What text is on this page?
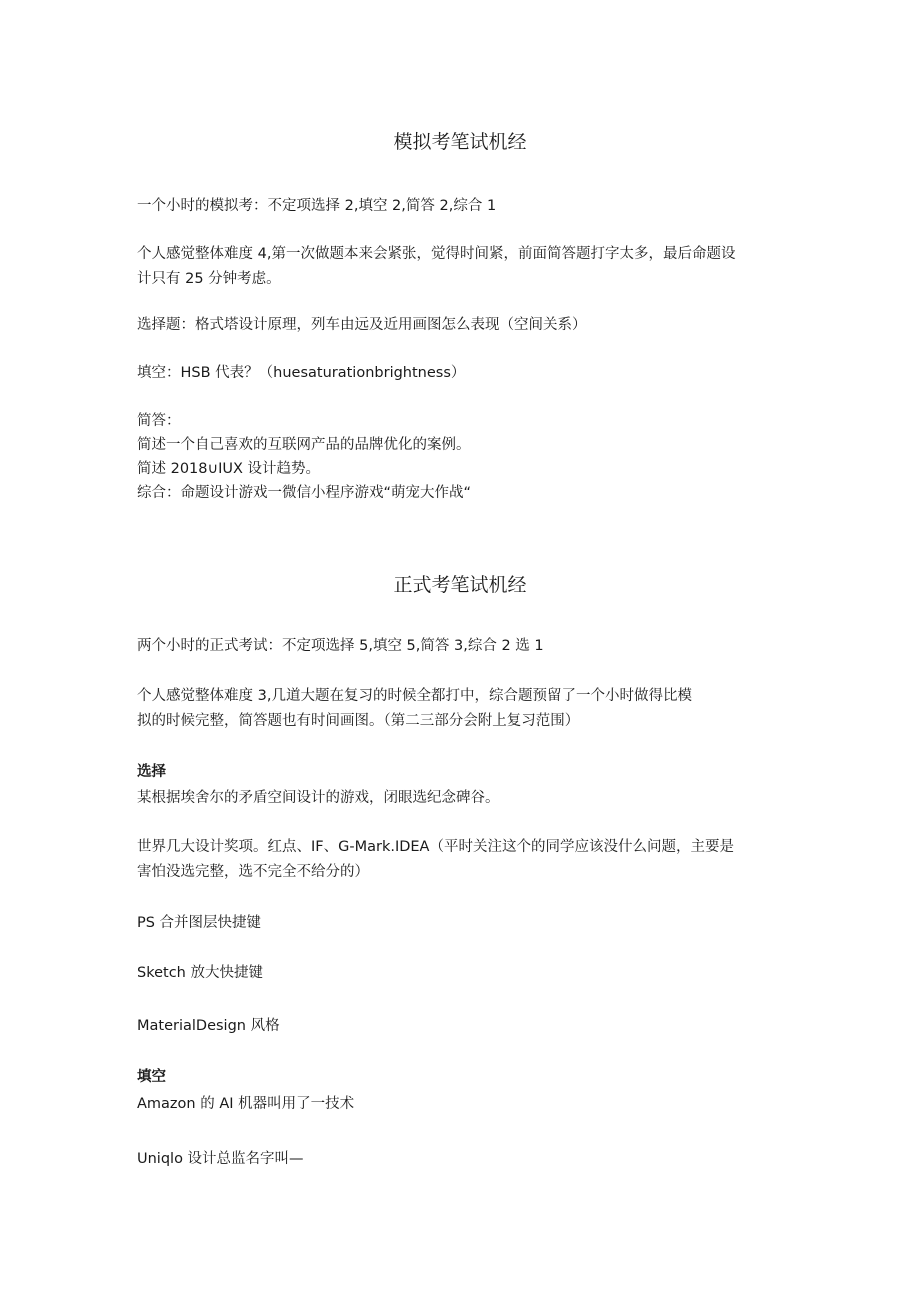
模拟考笔试机经

一个小时的模拟考：不定项选择 2,填空 2,简答 2,综合 1

个人感觉整体难度 4,第一次做题本来会紧张，觉得时间紧，前面简答题打字太多，最后命题设

计只有 25 分钟考虑。

选择题：格式塔设计原理，列车由远及近用画图怎么表现（空间关系）

填空：HSB 代表？（huesaturationbrightness）

简答：

简述一个自己喜欢的互联网产品的品牌优化的案例。

简述 2018∪IUX 设计趋势。

综合：命题设计游戏一微信小程序游戏“萌宠大作战“

正式考笔试机经

两个小时的正式考试：不定项选择 5,填空 5,简答 3,综合 2 选 1

个人感觉整体难度 3,几道大题在复习的时候全都打中，综合题预留了一个小时做得比模

拟的时候完整，简答题也有时间画图。（第二三部分会附上复习范围）

选择

某根据埃舍尔的矛盾空间设计的游戏，闭眼选纪念碑谷。

世界几大设计奖项。红点、IF、G-Mark.IDEA（平时关注这个的同学应该没什么问题，主要是

害怕没选完整，选不完全不给分的）

PS 合并图层快捷键

Sketch 放大快捷键

MaterialDesign 风格

填空

Amazon 的 AI 机器叫用了一技术

Uniqlo 设计总监名字叫—
